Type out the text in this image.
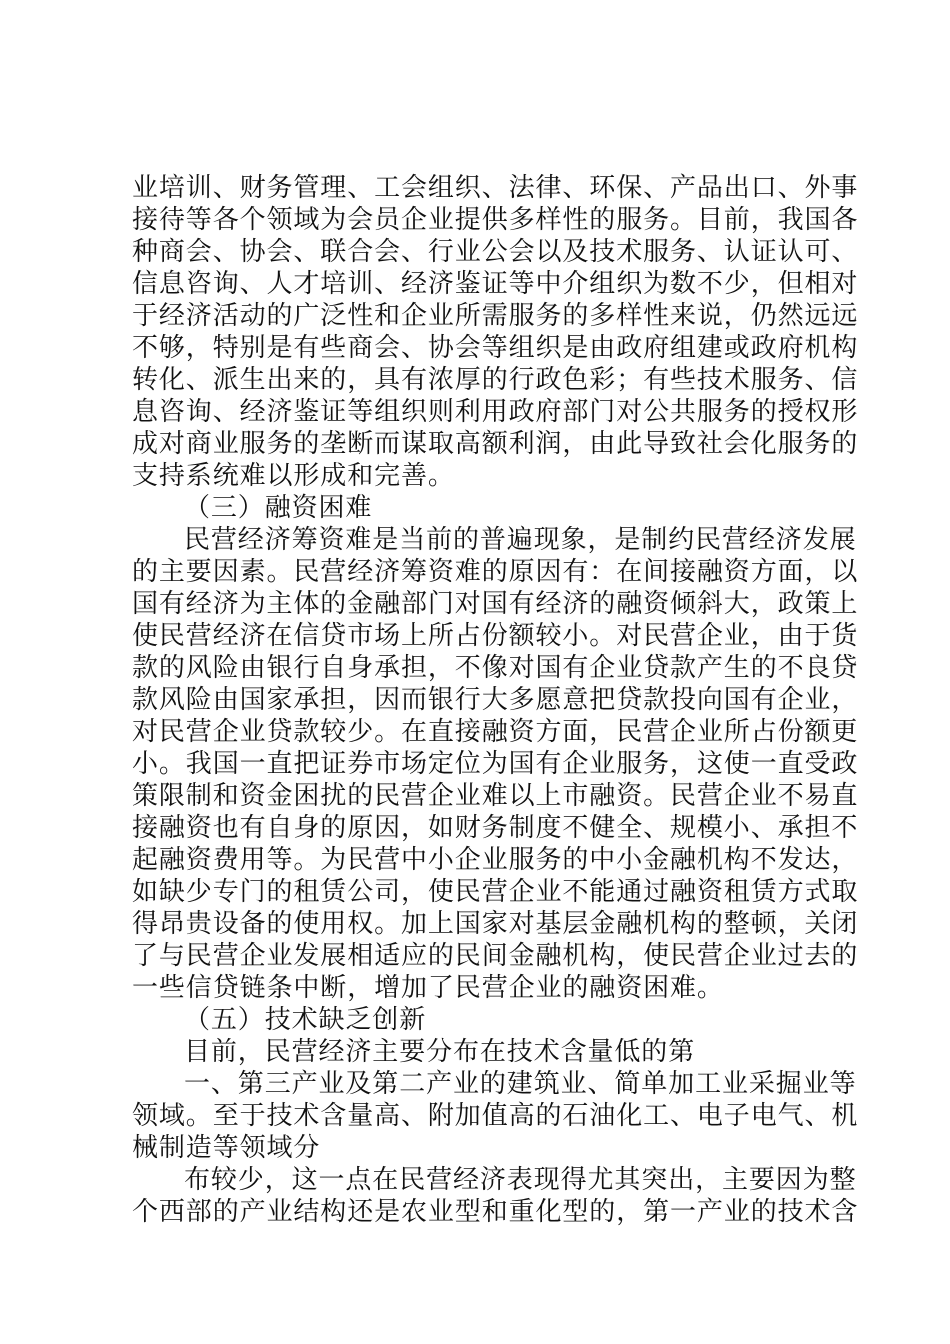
业培训、财务管理、工会组织、法律、环保、产品出口、外事
接待等各个领域为会员企业提供多样性的服务。目前，我国各
种商会、协会、联合会、行业公会以及技术服务、认证认可、
信息咨询、人才培训、经济鉴证等中介组织为数不少，但相对
于经济活动的广泛性和企业所需服务的多样性来说，仍然远远
不够，特别是有些商会、协会等组织是由政府组建或政府机构
转化、派生出来的，具有浓厚的行政色彩；有些技术服务、信
息咨询、经济鉴证等组织则利用政府部门对公共服务的授权形
成对商业服务的垄断而谋取高额利润，由此导致社会化服务的
支持系统难以形成和完善。
（三）融资困难
民营经济筹资难是当前的普遍现象，是制约民营经济发展
的主要因素。民营经济筹资难的原因有：在间接融资方面，以
国有经济为主体的金融部门对国有经济的融资倾斜大，政策上
使民营经济在信贷市场上所占份额较小。对民营企业，由于货
款的风险由银行自身承担，不像对国有企业贷款产生的不良贷
款风险由国家承担，因而银行大多愿意把贷款投向国有企业，
对民营企业贷款较少。在直接融资方面，民营企业所占份额更
小。我国一直把证券市场定位为国有企业服务，这使一直受政
策限制和资金困扰的民营企业难以上市融资。民营企业不易直
接融资也有自身的原因，如财务制度不健全、规模小、承担不
起融资费用等。为民营中小企业服务的中小金融机构不发达，
如缺少专门的租赁公司，使民营企业不能通过融资租赁方式取
得昂贵设备的使用权。加上国家对基层金融机构的整顿，关闭
了与民营企业发展相适应的民间金融机构，使民营企业过去的
一些信贷链条中断，增加了民营企业的融资困难。
（五）技术缺乏创新
目前，民营经济主要分布在技术含量低的第
一、第三产业及第二产业的建筑业、简单加工业采掘业等
领域。至于技术含量高、附加值高的石油化工、电子电气、机
械制造等领域分
布较少，这一点在民营经济表现得尤其突出，主要因为整
个西部的产业结构还是农业型和重化型的，第一产业的技术含
